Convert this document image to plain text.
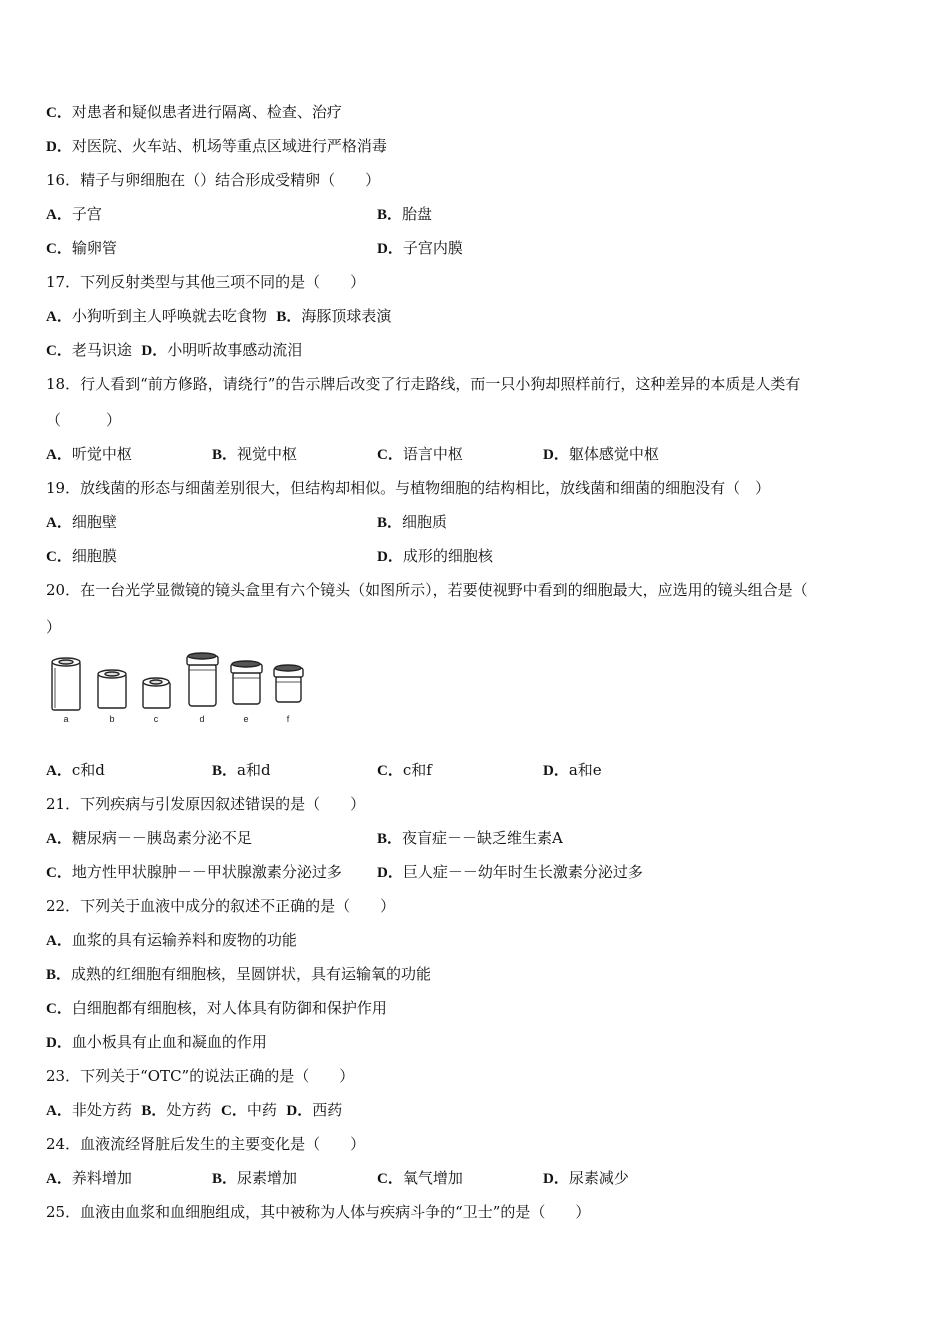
C．对患者和疑似患者进行隔离、检查、治疗
D．对医院、火车站、机场等重点区域进行严格消毒
16．精子与卵细胞在（）结合形成受精卵（　　）
A．子宫	B．胎盘
C．输卵管	D．子宫内膜
17．下列反射类型与其他三项不同的是（　　）
A．小狗听到主人呼唤就去吃食物 B．海豚顶球表演
C．老马识途 D．小明听故事感动流泪
18．行人看到“前方修路，请绕行”的告示牌后改变了行走路线，而一只小狗却照样前行，这种差异的本质是人类有
（　　　）
A．听觉中枢	B．视觉中枢	C．语言中枢	D．躯体感觉中枢
19．放线菌的形态与细菌差别很大，但结构却相似。与植物细胞的结构相比，放线菌和细菌的细胞没有（　）
A．细胞壁	B．细胞质
C．细胞膜	D．成形的细胞核
20．在一台光学显微镜的镜头盒里有六个镜头（如图所示），若要使视野中看到的细胞最大，应选用的镜头组合是（
）
a	b	c	d	e	f
A．c和d	B．a和d	C．c和f	D．a和e
21．下列疾病与引发原因叙述错误的是（　　）
A．糖尿病－－胰岛素分泌不足	B．夜盲症－－缺乏维生素A
C．地方性甲状腺肿－－甲状腺激素分泌过多 D．巨人症－－幼年时生长激素分泌过多
22．下列关于血液中成分的叙述不正确的是（　　）
A．血浆的具有运输养料和废物的功能
B．成熟的红细胞有细胞核，呈圆饼状，具有运输氧的功能
C．白细胞都有细胞核，对人体具有防御和保护作用
D．血小板具有止血和凝血的作用
23．下列关于“OTC”的说法正确的是（　　）
A．非处方药 B．处方药 C．中药 D．西药
24．血液流经肾脏后发生的主要变化是（　　）
A．养料增加	B．尿素增加	C．氧气增加	D．尿素减少
25．血液由血浆和血细胞组成，其中被称为人体与疾病斗争的“卫士”的是（　　）
